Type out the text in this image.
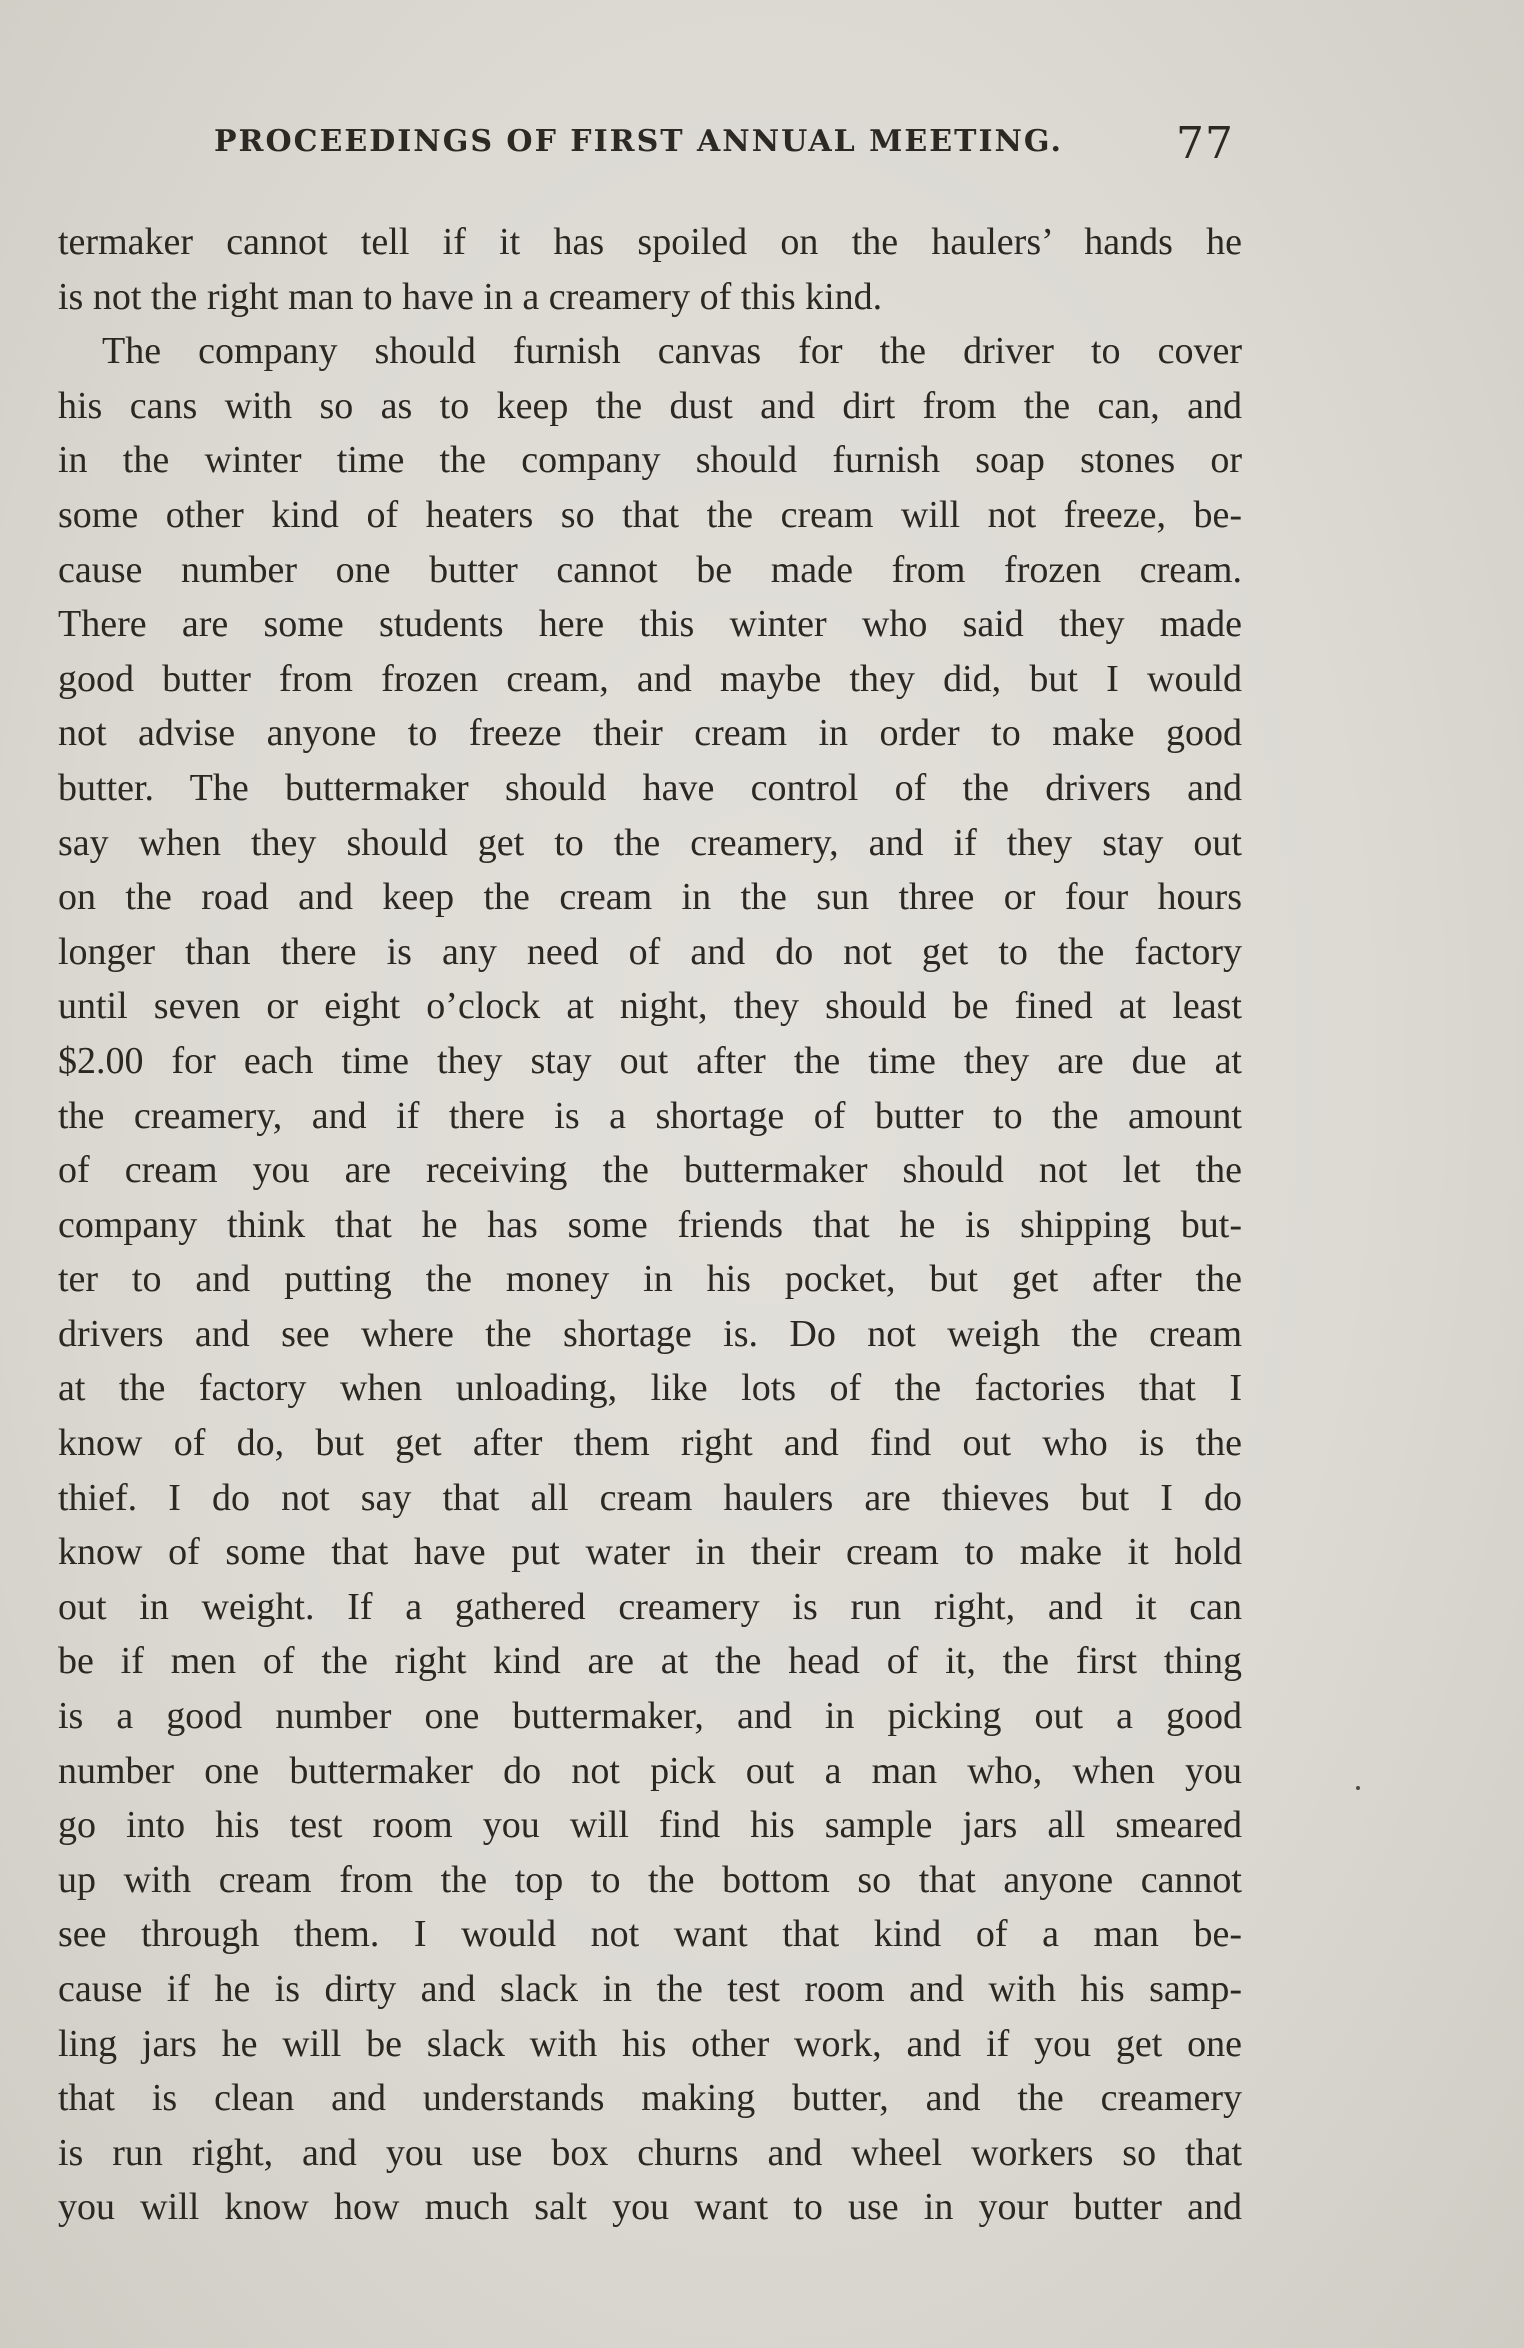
PROCEEDINGS OF FIRST ANNUAL MEETING.	77
termaker cannot tell if it has spoiled on the haulers’ hands he
is not the right man to have in a creamery of this kind.
The company should furnish canvas for the driver to cover
his cans with so as to keep the dust and dirt from the can, and
in the winter time the company should furnish soap stones or
some other kind of heaters so that the cream will not freeze, be-
cause number one butter cannot be made from frozen cream.
There are some students here this winter who said they made
good butter from frozen cream, and maybe they did, but I would
not advise anyone to freeze their cream in order to make good
butter. The buttermaker should have control of the drivers and
say when they should get to the creamery, and if they stay out
on the road and keep the cream in the sun three or four hours
longer than there is any need of and do not get to the factory
until seven or eight o’clock at night, they should be fined at least
$2.00 for each time they stay out after the time they are due at
the creamery, and if there is a shortage of butter to the amount
of cream you are receiving the buttermaker should not let the
company think that he has some friends that he is shipping but-
ter to and putting the money in his pocket, but get after the
drivers and see where the shortage is. Do not weigh the cream
at the factory when unloading, like lots of the factories that I
know of do, but get after them right and find out who is the
thief. I do not say that all cream haulers are thieves but I do
know of some that have put water in their cream to make it hold
out in weight. If a gathered creamery is run right, and it can
be if men of the right kind are at the head of it, the first thing
is a good number one buttermaker, and in picking out a good
number one buttermaker do not pick out a man who, when you
go into his test room you will find his sample jars all smeared
up with cream from the top to the bottom so that anyone cannot
see through them. I would not want that kind of a man be-
cause if he is dirty and slack in the test room and with his samp-
ling jars he will be slack with his other work, and if you get one
that is clean and understands making butter, and the creamery
is run right, and you use box churns and wheel workers so that
you will know how much salt you want to use in your butter and
